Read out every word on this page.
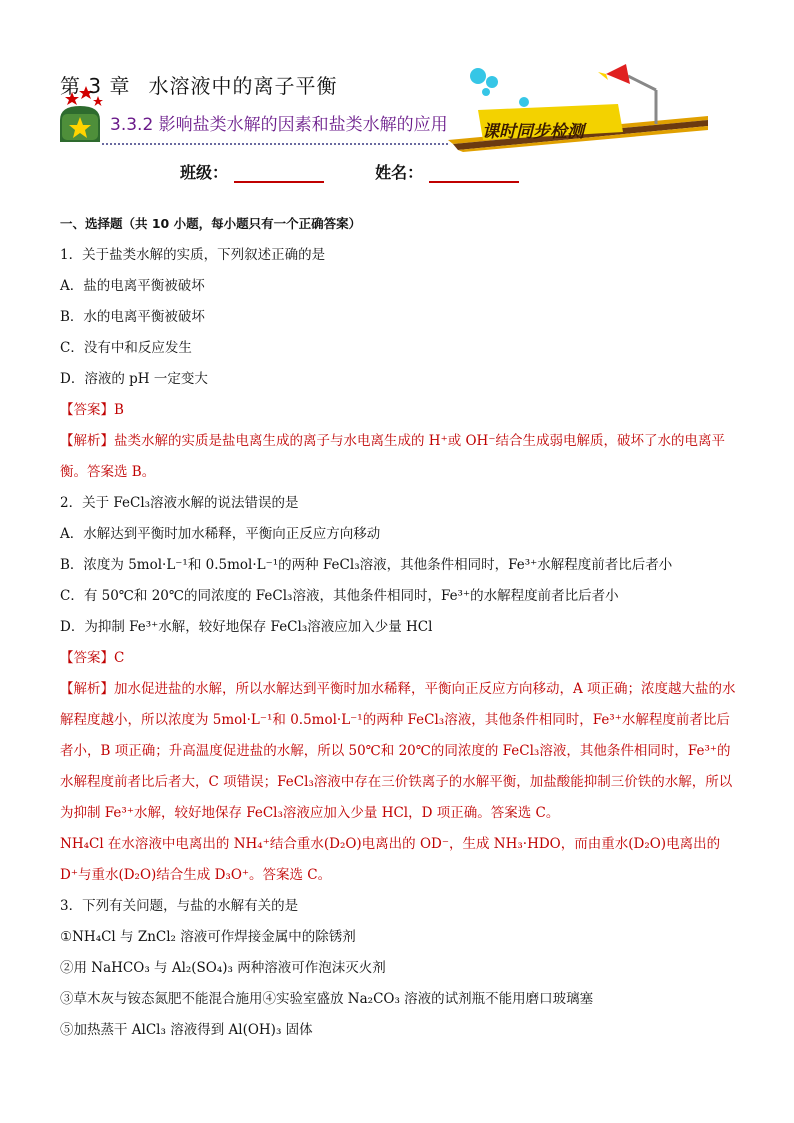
第 3 章 水溶液中的离子平衡
3.3.2 影响盐类水解的因素和盐类水解的应用 课时同步检测
班级：	姓名：

一、选择题（共 10 小题，每小题只有一个正确答案）

1．关于盐类水解的实质，下列叙述正确的是

A．盐的电离平衡被破坏

B．水的电离平衡被破坏

C．没有中和反应发生

D．溶液的 pH 一定变大

【答案】B

【解析】盐类水解的实质是盐电离生成的离子与水电离生成的 H⁺或 OH⁻结合生成弱电解质，破坏了水的电离平衡。答案选 B。

2．关于 FeCl₃溶液水解的说法错误的是

A．水解达到平衡时加水稀释，平衡向正反应方向移动

B．浓度为 5mol·L⁻¹和 0.5mol·L⁻¹的两种 FeCl₃溶液，其他条件相同时，Fe³⁺水解程度前者比后者小

C．有 50℃和 20℃的同浓度的 FeCl₃溶液，其他条件相同时，Fe³⁺的水解程度前者比后者小

D．为抑制 Fe³⁺水解，较好地保存 FeCl₃溶液应加入少量 HCl

【答案】C

【解析】加水促进盐的水解，所以水解达到平衡时加水稀释，平衡向正反应方向移动，A 项正确；浓度越大盐的水解程度越小，所以浓度为 5mol·L⁻¹和 0.5mol·L⁻¹的两种 FeCl₃溶液，其他条件相同时，Fe³⁺水解程度前者比后者小，B 项正确；升高温度促进盐的水解，所以 50℃和 20℃的同浓度的 FeCl₃溶液，其他条件相同时，Fe³⁺的水解程度前者比后者大，C 项错误；FeCl₃溶液中存在三价铁离子的水解平衡，加盐酸能抑制三价铁的水解，所以为抑制 Fe³⁺水解，较好地保存 FeCl₃溶液应加入少量 HCl，D 项正确。答案选 C。

NH₄Cl 在水溶液中电离出的 NH₄⁺结合重水(D₂O)电离出的 OD⁻，生成 NH₃·HDO，而由重水(D₂O)电离出的 D⁺与重水(D₂O)结合生成 D₃O⁺。答案选 C。

3．下列有关问题，与盐的水解有关的是

①NH₄Cl 与 ZnCl₂ 溶液可作焊接金属中的除锈剂

②用 NaHCO₃ 与 Al₂(SO₄)₃ 两种溶液可作泡沫灭火剂

③草木灰与铵态氮肥不能混合施用④实验室盛放 Na₂CO₃ 溶液的试剂瓶不能用磨口玻璃塞

⑤加热蒸干 AlCl₃ 溶液得到 Al(OH)₃ 固体
